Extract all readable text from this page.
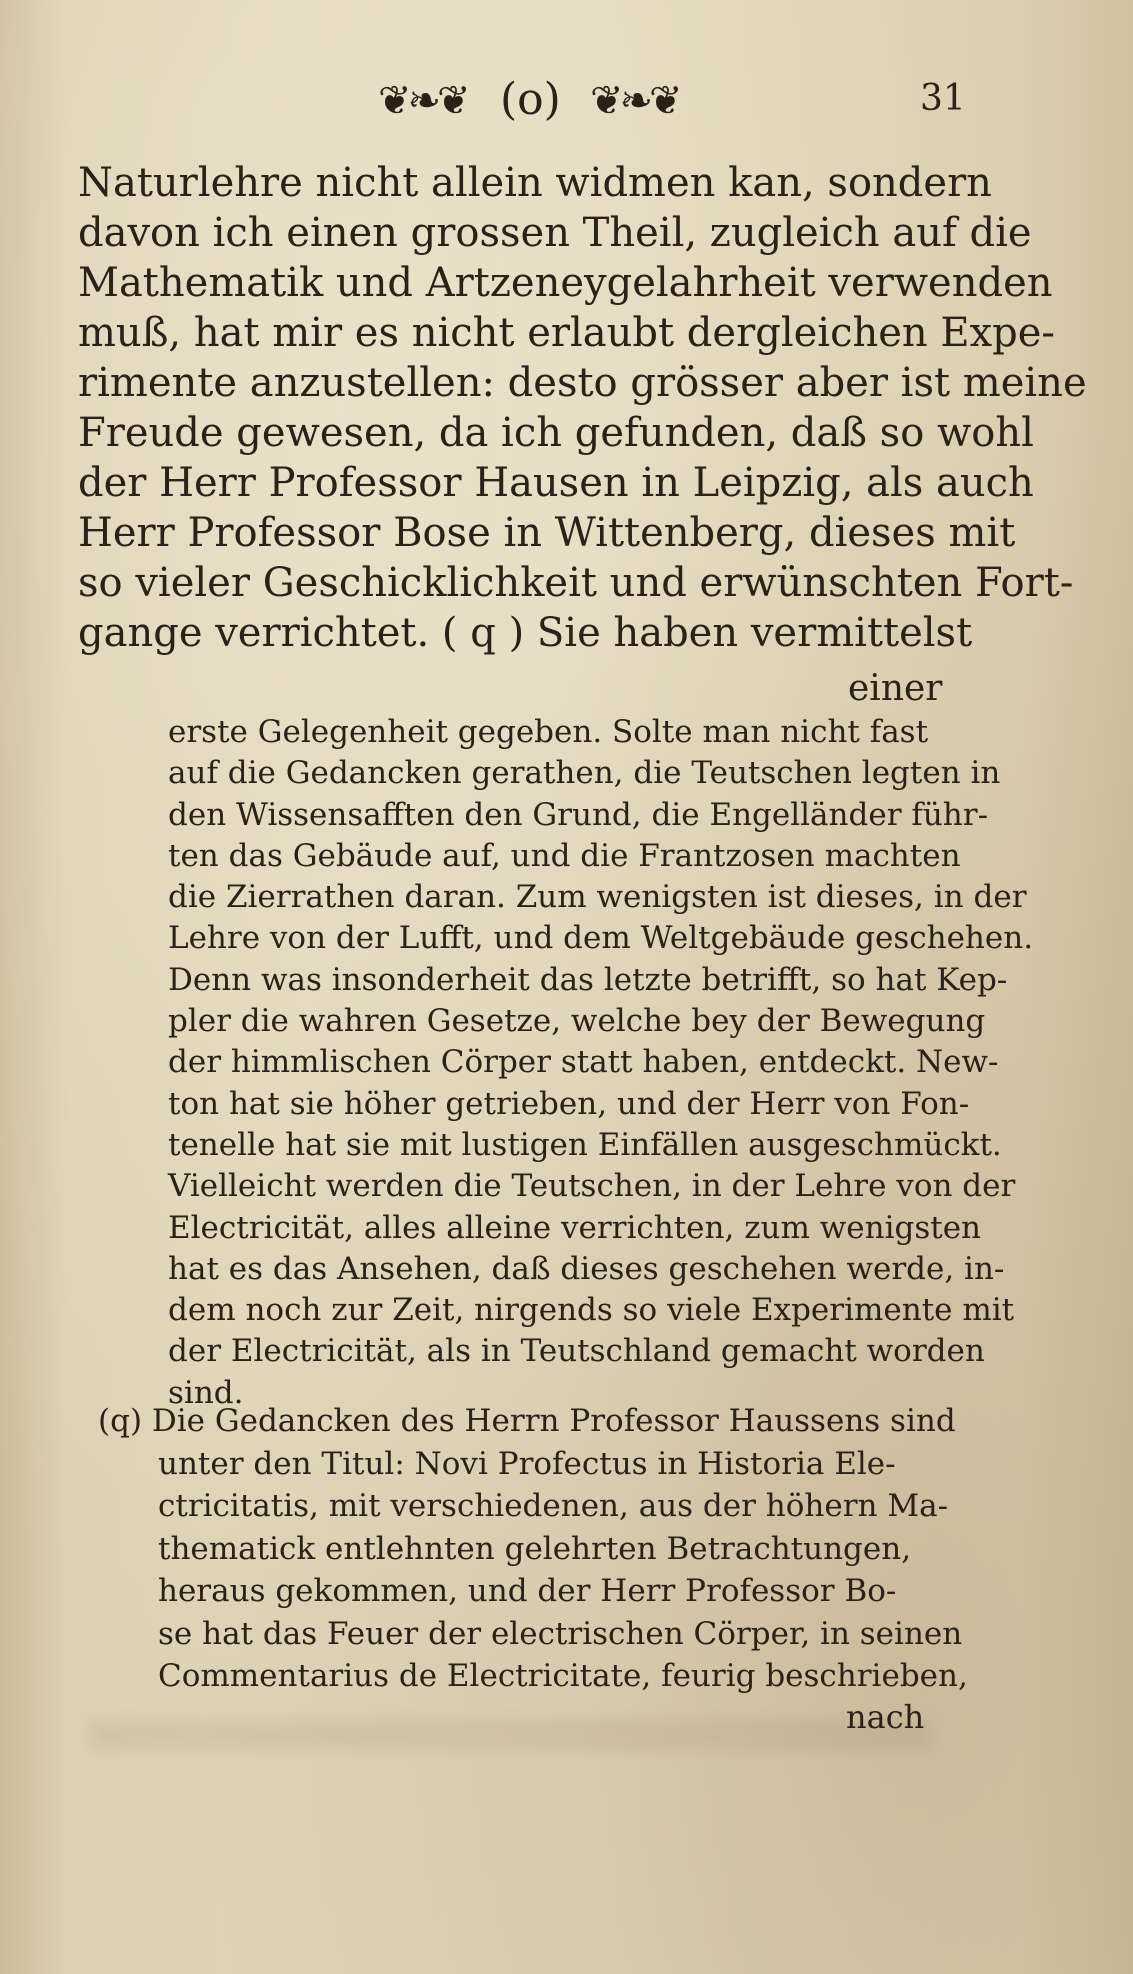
❦❧❦ (o) ❦❧❦	31
Naturlehre nicht allein widmen kan, sondern
davon ich einen grossen Theil, zugleich auf die
Mathematik und Artzeneygelahrheit verwenden
muß, hat mir es nicht erlaubt dergleichen Expe-
rimente anzustellen: desto grösser aber ist meine
Freude gewesen, da ich gefunden, daß so wohl
der Herr Professor Hausen in Leipzig, als auch
Herr Professor Bose in Wittenberg, dieses mit
so vieler Geschicklichkeit und erwünschten Fort-
gange verrichtet. ( q ) Sie haben vermittelst
einer
erste Gelegenheit gegeben. Solte man nicht fast
auf die Gedancken gerathen, die Teutschen legten in
den Wissensafften den Grund, die Engelländer führ-
ten das Gebäude auf, und die Frantzosen machten
die Zierrathen daran. Zum wenigsten ist dieses, in der
Lehre von der Lufft, und dem Weltgebäude geschehen.
Denn was insonderheit das letzte betrifft, so hat Kep-
pler die wahren Gesetze, welche bey der Bewegung
der himmlischen Cörper statt haben, entdeckt. New-
ton hat sie höher getrieben, und der Herr von Fon-
tenelle hat sie mit lustigen Einfällen ausgeschmückt.
Vielleicht werden die Teutschen, in der Lehre von der
Electricität, alles alleine verrichten, zum wenigsten
hat es das Ansehen, daß dieses geschehen werde, in-
dem noch zur Zeit, nirgends so viele Experimente mit
der Electricität, als in Teutschland gemacht worden
sind.
(q) Die Gedancken des Herrn Professor Haussens sind
unter den Titul: Novi Profectus in Historia Ele-
ctricitatis, mit verschiedenen, aus der höhern Ma-
thematick entlehnten gelehrten Betrachtungen,
heraus gekommen, und der Herr Professor Bo-
se hat das Feuer der electrischen Cörper, in seinen
Commentarius de Electricitate, feurig beschrieben,
nach
